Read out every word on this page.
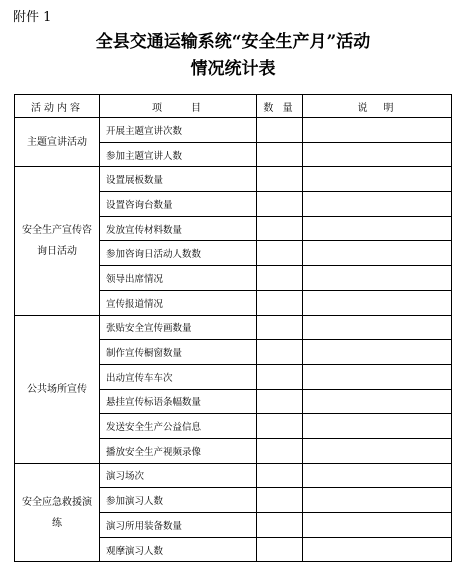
附件 1
全县交通运输系统“安全生产月”活动
情况统计表
活动内容	项　　目	数 量	说　明
主题宣讲活动	开展主题宣讲次数		
	参加主题宣讲人数		
安全生产宣传咨询日活动	设置展板数量		
	设置咨询台数量		
	发放宣传材料数量		
	参加咨询日活动人数数		
	领导出席情况		
	宣传报道情况		
公共场所宣传	张贴安全宣传画数量		
	制作宣传橱窗数量		
	出动宣传车车次		
	悬挂宣传标语条幅数量		
	发送安全生产公益信息		
	播放安全生产视频录像		
安全应急救援演练	演习场次		
	参加演习人数		
	演习所用装备数量		
	观摩演习人数		
